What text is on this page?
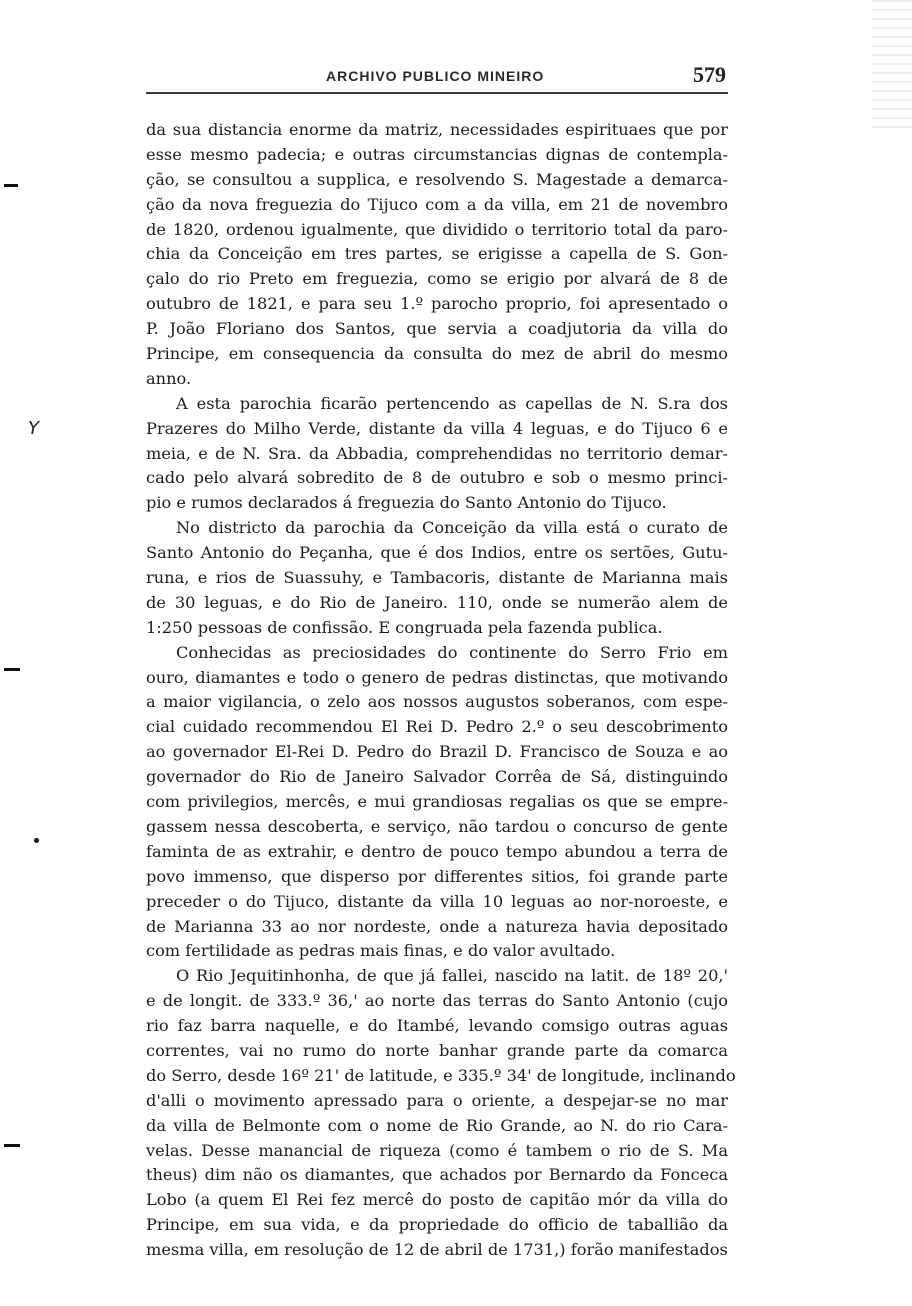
ARCHIVO PUBLICO MINEIRO	579
da sua distancia enorme da matriz, necessidades espirituaes que por
esse mesmo padecia; e outras circumstancias dignas de contempla-
ção, se consultou a supplica, e resolvendo S. Magestade a demarca-
ção da nova freguezia do Tijuco com a da villa, em 21 de novembro
de 1820, ordenou igualmente, que dividido o territorio total da paro-
chia da Conceição em tres partes, se erigisse a capella de S. Gon-
çalo do rio Preto em freguezia, como se erigio por alvará de 8 de
outubro de 1821, e para seu 1.º parocho proprio, foi apresentado o
P. João Floriano dos Santos, que servia a coadjutoria da villa do
Principe, em consequencia da consulta do mez de abril do mesmo
anno.
A esta parochia ficarão pertencendo as capellas de N. S.ra dos
Prazeres do Milho Verde, distante da villa 4 leguas, e do Tijuco 6 e
meia, e de N. Sra. da Abbadia, comprehendidas no territorio demar-
cado pelo alvará sobredito de 8 de outubro e sob o mesmo princi-
pio e rumos declarados á freguezia do Santo Antonio do Tijuco.
No districto da parochia da Conceição da villa está o curato de
Santo Antonio do Peçanha, que é dos Indios, entre os sertões, Gutu-
runa, e rios de Suassuhy, e Tambacoris, distante de Marianna mais
de 30 leguas, e do Rio de Janeiro. 110, onde se numerão alem de
1:250 pessoas de confissão. E congruada pela fazenda publica.
Conhecidas as preciosidades do continente do Serro Frio em
ouro, diamantes e todo o genero de pedras distinctas, que motivando
a maior vigilancia, o zelo aos nossos augustos soberanos, com espe-
cial cuidado recommendou El Rei D. Pedro 2.º o seu descobrimento
ao governador El-Rei D. Pedro do Brazil D. Francisco de Souza e ao
governador do Rio de Janeiro Salvador Corrêa de Sá, distinguindo
com privilegios, mercês, e mui grandiosas regalias os que se empre-
gassem nessa descoberta, e serviço, não tardou o concurso de gente
faminta de as extrahir, e dentro de pouco tempo abundou a terra de
povo immenso, que disperso por differentes sitios, foi grande parte
preceder o do Tijuco, distante da villa 10 leguas ao nor-noroeste, e
de Marianna 33 ao nor nordeste, onde a natureza havia depositado
com fertilidade as pedras mais finas, e do valor avultado.
O Rio Jequitinhonha, de que já fallei, nascido na latit. de 18º 20,'
e de longit. de 333.º 36,' ao norte das terras do Santo Antonio (cujo
rio faz barra naquelle, e do Itambé, levando comsigo outras aguas
correntes, vai no rumo do norte banhar grande parte da comarca
do Serro, desde 16º 21' de latitude, e 335.º 34' de longitude, inclinando
d'alli o movimento apressado para o oriente, a despejar-se no mar
da villa de Belmonte com o nome de Rio Grande, ao N. do rio Cara-
velas. Desse manancial de riqueza (como é tambem o rio de S. Ma
theus) dim não os diamantes, que achados por Bernardo da Fonceca
Lobo (a quem El Rei fez mercê do posto de capitão mór da villa do
Principe, em sua vida, e da propriedade do officio de taballião da
mesma villa, em resolução de 12 de abril de 1731,) forão manifestados
Y
